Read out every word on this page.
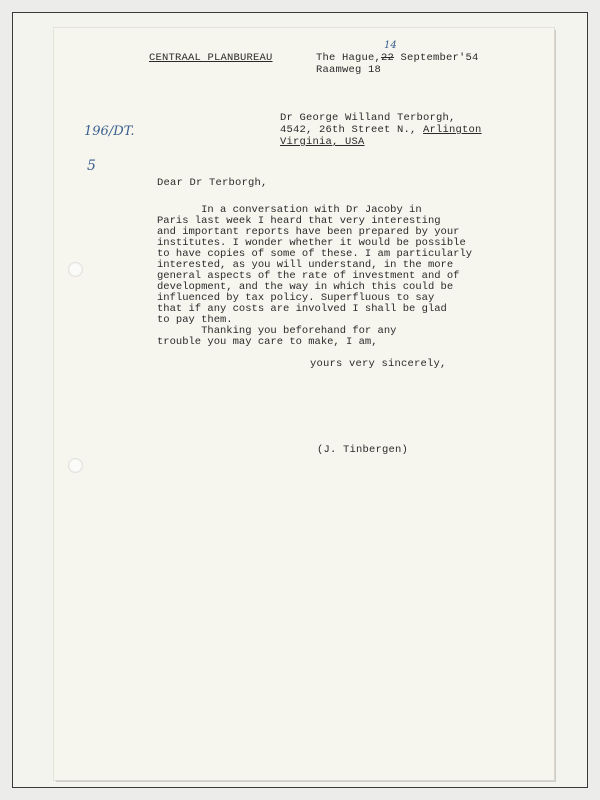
CENTRAAL PLANBUREAU	The Hague,22 September'54
14
Raamweg 18
Dr George Willand Terborgh,
4542, 26th Street N., Arlington
Virginia, USA
196/DT.
5
Dear Dr Terborgh,
In a conversation with Dr Jacoby in
Paris last week I heard that very interesting
and important reports have been prepared by your
institutes. I wonder whether it would be possible
to have copies of some of these. I am particularly
interested, as you will understand, in the more
general aspects of the rate of investment and of
development, and the way in which this could be
influenced by tax policy. Superfluous to say
that if any costs are involved I shall be glad
to pay them.
Thanking you beforehand for any
trouble you may care to make, I am,
yours very sincerely,
(J. Tinbergen)
